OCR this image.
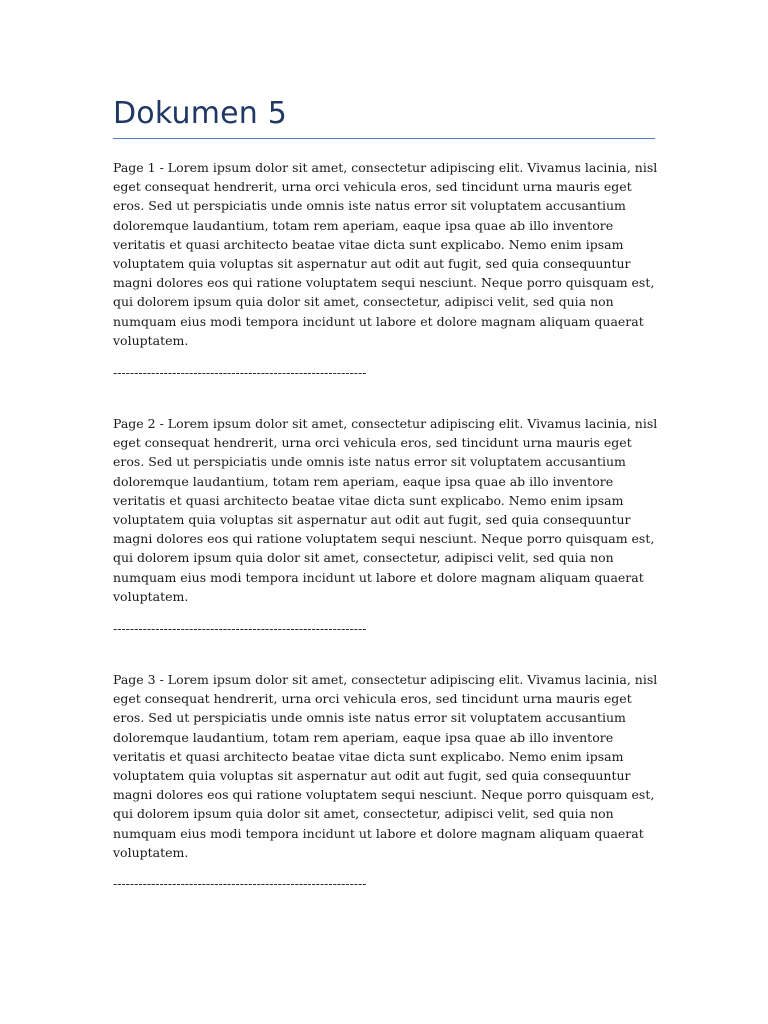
Dokumen 5

Page 1 - Lorem ipsum dolor sit amet, consectetur adipiscing elit. Vivamus lacinia, nisl eget consequat hendrerit, urna orci vehicula eros, sed tincidunt urna mauris eget eros. Sed ut perspiciatis unde omnis iste natus error sit voluptatem accusantium doloremque laudantium, totam rem aperiam, eaque ipsa quae ab illo inventore veritatis et quasi architecto beatae vitae dicta sunt explicabo. Nemo enim ipsam voluptatem quia voluptas sit aspernatur aut odit aut fugit, sed quia consequuntur magni dolores eos qui ratione voluptatem sequi nesciunt. Neque porro quisquam est, qui dolorem ipsum quia dolor sit amet, consectetur, adipisci velit, sed quia non numquam eius modi tempora incidunt ut labore et dolore magnam aliquam quaerat voluptatem.

------------------------------------------------------------

Page 2 - Lorem ipsum dolor sit amet, consectetur adipiscing elit. Vivamus lacinia, nisl eget consequat hendrerit, urna orci vehicula eros, sed tincidunt urna mauris eget eros. Sed ut perspiciatis unde omnis iste natus error sit voluptatem accusantium doloremque laudantium, totam rem aperiam, eaque ipsa quae ab illo inventore veritatis et quasi architecto beatae vitae dicta sunt explicabo. Nemo enim ipsam voluptatem quia voluptas sit aspernatur aut odit aut fugit, sed quia consequuntur magni dolores eos qui ratione voluptatem sequi nesciunt. Neque porro quisquam est, qui dolorem ipsum quia dolor sit amet, consectetur, adipisci velit, sed quia non numquam eius modi tempora incidunt ut labore et dolore magnam aliquam quaerat voluptatem.

------------------------------------------------------------

Page 3 - Lorem ipsum dolor sit amet, consectetur adipiscing elit. Vivamus lacinia, nisl eget consequat hendrerit, urna orci vehicula eros, sed tincidunt urna mauris eget eros. Sed ut perspiciatis unde omnis iste natus error sit voluptatem accusantium doloremque laudantium, totam rem aperiam, eaque ipsa quae ab illo inventore veritatis et quasi architecto beatae vitae dicta sunt explicabo. Nemo enim ipsam voluptatem quia voluptas sit aspernatur aut odit aut fugit, sed quia consequuntur magni dolores eos qui ratione voluptatem sequi nesciunt. Neque porro quisquam est, qui dolorem ipsum quia dolor sit amet, consectetur, adipisci velit, sed quia non numquam eius modi tempora incidunt ut labore et dolore magnam aliquam quaerat voluptatem.

------------------------------------------------------------
